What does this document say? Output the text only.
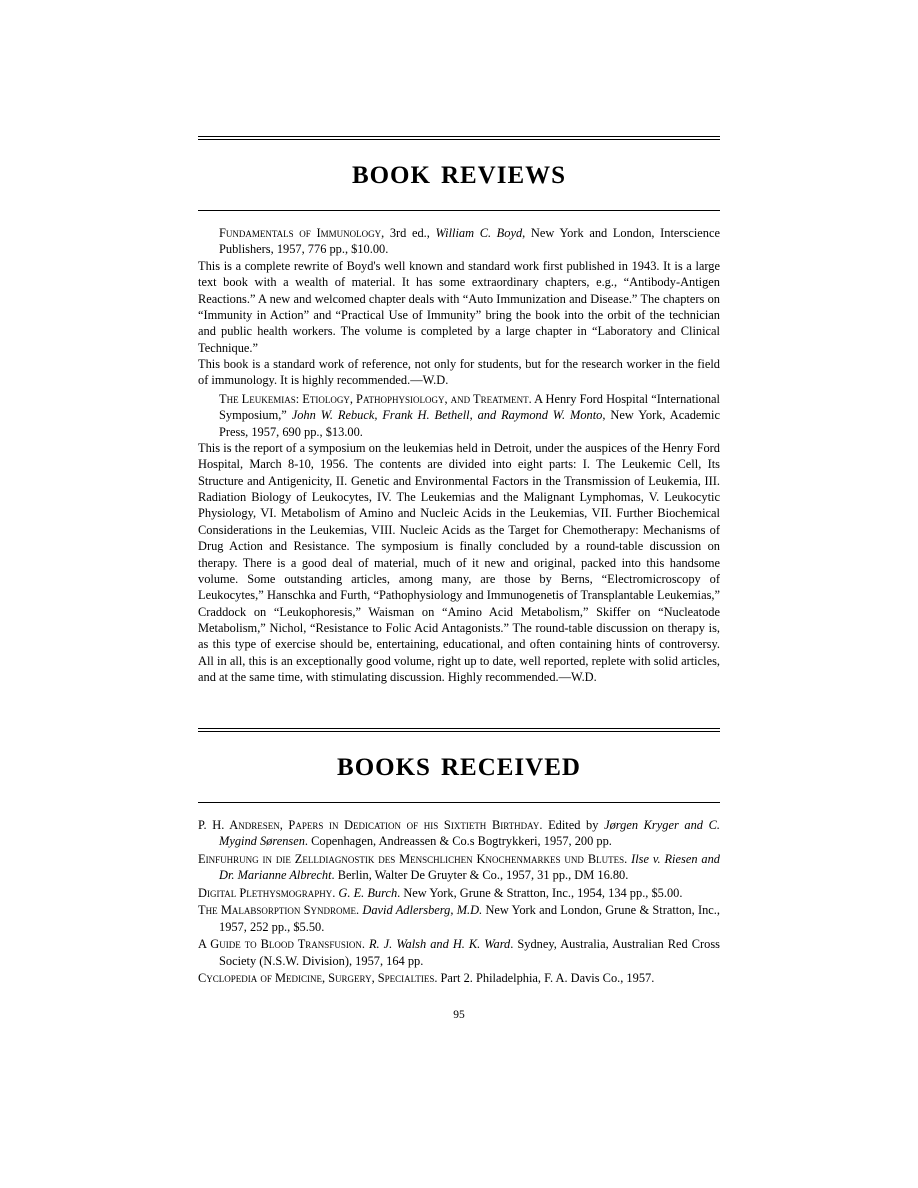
BOOK REVIEWS

Fundamentals of Immunology, 3rd ed., William C. Boyd, New York and London, Interscience Publishers, 1957, 776 pp., $10.00.

This is a complete rewrite of Boyd's well known and standard work first published in 1943. It is a large text book with a wealth of material. It has some extraordinary chapters, e.g., “Antibody-Antigen Reactions.” A new and welcomed chapter deals with “Auto Immunization and Disease.” The chapters on “Immunity in Action” and “Practical Use of Immunity” bring the book into the orbit of the technician and public health workers. The volume is completed by a large chapter in “Laboratory and Clinical Technique.”

This book is a standard work of reference, not only for students, but for the research worker in the field of immunology. It is highly recommended.—W.D.

The Leukemias: Etiology, Pathophysiology, and Treatment. A Henry Ford Hospital “International Symposium,” John W. Rebuck, Frank H. Bethell, and Raymond W. Monto, New York, Academic Press, 1957, 690 pp., $13.00.

This is the report of a symposium on the leukemias held in Detroit, under the auspices of the Henry Ford Hospital, March 8-10, 1956. The contents are divided into eight parts: I. The Leukemic Cell, Its Structure and Antigenicity, II. Genetic and Environmental Factors in the Transmission of Leukemia, III. Radiation Biology of Leukocytes, IV. The Leukemias and the Malignant Lymphomas, V. Leukocytic Physiology, VI. Metabolism of Amino and Nucleic Acids in the Leukemias, VII. Further Biochemical Considerations in the Leukemias, VIII. Nucleic Acids as the Target for Chemotherapy: Mechanisms of Drug Action and Resistance. The symposium is finally concluded by a round-table discussion on therapy. There is a good deal of material, much of it new and original, packed into this handsome volume. Some outstanding articles, among many, are those by Berns, “Electromicroscopy of Leukocytes,” Hanschka and Furth, “Pathophysiology and Immunogenetis of Transplantable Leukemias,” Craddock on “Leukophoresis,” Waisman on “Amino Acid Metabolism,” Skiffer on “Nucleatode Metabolism,” Nichol, “Resistance to Folic Acid Antagonists.” The round-table discussion on therapy is, as this type of exercise should be, entertaining, educational, and often containing hints of controversy. All in all, this is an exceptionally good volume, right up to date, well reported, replete with solid articles, and at the same time, with stimulating discussion. Highly recommended.—W.D.

BOOKS RECEIVED
P. H. Andresen, Papers in Dedication of his Sixtieth Birthday. Edited by Jørgen Kryger and C. Mygind Sørensen. Copenhagen, Andreassen & Co.s Bogtrykkeri, 1957, 200 pp.
Einfuhrung in die Zelldiagnostik des Menschlichen Knochenmarkes und Blutes. Ilse v. Riesen and Dr. Marianne Albrecht. Berlin, Walter De Gruyter & Co., 1957, 31 pp., DM 16.80.
Digital Plethysmography. G. E. Burch. New York, Grune & Stratton, Inc., 1954, 134 pp., $5.00.
The Malabsorption Syndrome. David Adlersberg, M.D. New York and London, Grune & Stratton, Inc., 1957, 252 pp., $5.50.
A Guide to Blood Transfusion. R. J. Walsh and H. K. Ward. Sydney, Australia, Australian Red Cross Society (N.S.W. Division), 1957, 164 pp.
Cyclopedia of Medicine, Surgery, Specialties. Part 2. Philadelphia, F. A. Davis Co., 1957.
95
